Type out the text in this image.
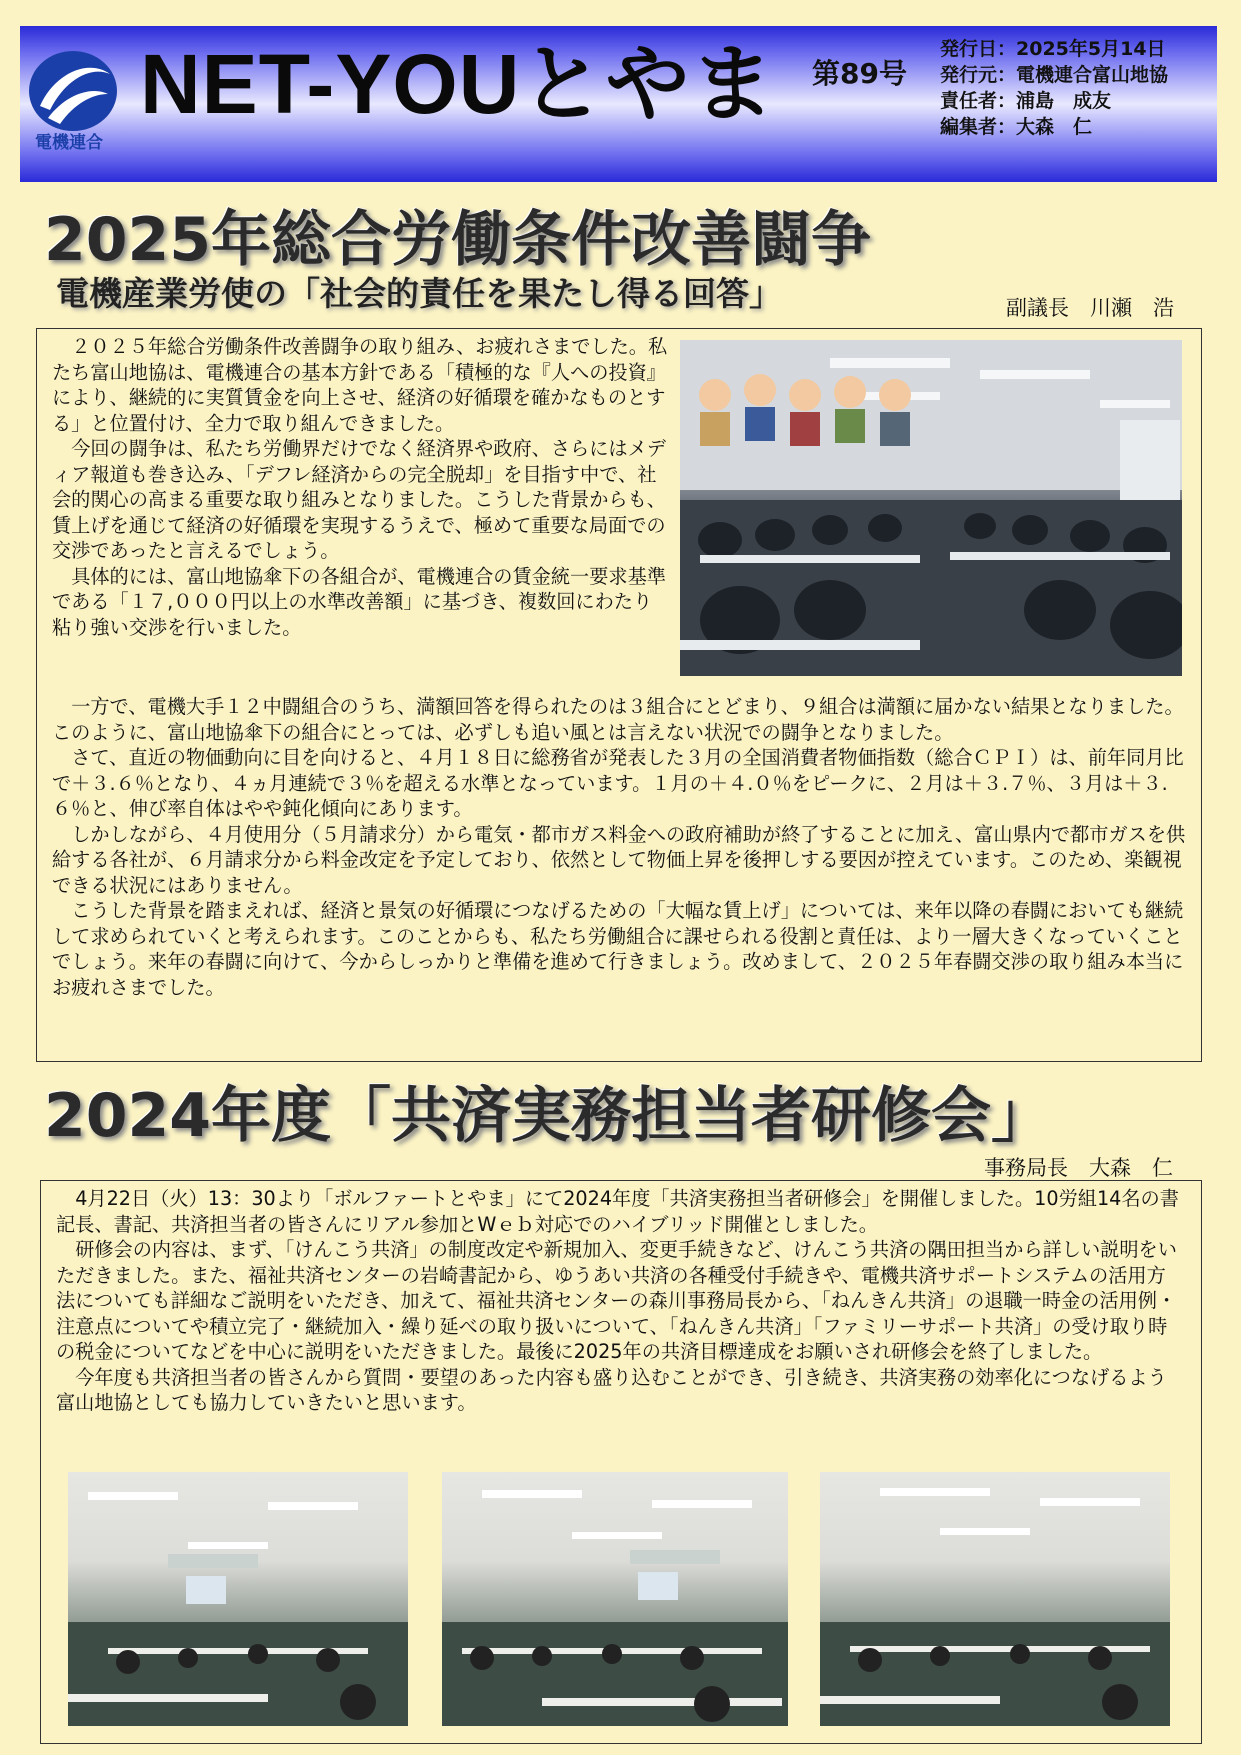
電機連合
NET-YOUとやま 第89号
発行日：2025年5月14日
発行元：電機連合富山地協
責任者：浦島　成友
編集者：大森　仁
2025年総合労働条件改善闘争
電機産業労使の「社会的責任を果たし得る回答」	副議長　川瀬　浩

２０２５年総合労働条件改善闘争の取り組み、お疲れさまでした。私たち富山地協は、電機連合の基本方針である「積極的な『人への投資』により、継続的に実質賃金を向上させ、経済の好循環を確かなものとする」と位置付け、全力で取り組んできました。

今回の闘争は、私たち労働界だけでなく経済界や政府、さらにはメディア報道も巻き込み、「デフレ経済からの完全脱却」を目指す中で、社会的関心の高まる重要な取り組みとなりました。こうした背景からも、賃上げを通じて経済の好循環を実現するうえで、極めて重要な局面での交渉であったと言えるでしょう。

具体的には、富山地協傘下の各組合が、電機連合の賃金統一要求基準である「１７,０００円以上の水準改善額」に基づき、複数回にわたり粘り強い交渉を行いました。

一方で、電機大手１２中闘組合のうち、満額回答を得られたのは３組合にとどまり、９組合は満額に届かない結果となりました。このように、富山地協傘下の組合にとっては、必ずしも追い風とは言えない状況での闘争となりました。

さて、直近の物価動向に目を向けると、４月１８日に総務省が発表した３月の全国消費者物価指数（総合ＣＰＩ）は、前年同月比で＋３.６％となり、４ヵ月連続で３％を超える水準となっています。１月の＋４.０％をピークに、２月は＋３.７％、３月は＋３.６％と、伸び率自体はやや鈍化傾向にあります。

しかしながら、４月使用分（５月請求分）から電気・都市ガス料金への政府補助が終了することに加え、富山県内で都市ガスを供給する各社が、６月請求分から料金改定を予定しており、依然として物価上昇を後押しする要因が控えています。このため、楽観視できる状況にはありません。

こうした背景を踏まえれば、経済と景気の好循環につなげるための「大幅な賃上げ」については、来年以降の春闘においても継続して求められていくと考えられます。このことからも、私たち労働組合に課せられる役割と責任は、より一層大きくなっていくことでしょう。来年の春闘に向けて、今からしっかりと準備を進めて行きましょう。改めまして、２０２５年春闘交渉の取り組み本当にお疲れさまでした。

2024年度「共済実務担当者研修会」
事務局長　大森　仁

4月22日（火）13：30より「ボルファートとやま」にて2024年度「共済実務担当者研修会」を開催しました。10労組14名の書記長、書記、共済担当者の皆さんにリアル参加とWｅｂ対応でのハイブリッド開催としました。

研修会の内容は、まず、「けんこう共済」の制度改定や新規加入、変更手続きなど、けんこう共済の隅田担当から詳しい説明をいただきました。また、福祉共済センターの岩崎書記から、ゆうあい共済の各種受付手続きや、電機共済サポートシステムの活用方法についても詳細なご説明をいただき、加えて、福祉共済センターの森川事務局長から、「ねんきん共済」の退職一時金の活用例・注意点についてや積立完了・継続加入・繰り延べの取り扱いについて、「ねんきん共済」「ファミリーサポート共済」の受け取り時の税金についてなどを中心に説明をいただきました。最後に2025年の共済目標達成をお願いされ研修会を終了しました。

今年度も共済担当者の皆さんから質問・要望のあった内容も盛り込むことができ、引き続き、共済実務の効率化につなげるよう富山地協としても協力していきたいと思います。
